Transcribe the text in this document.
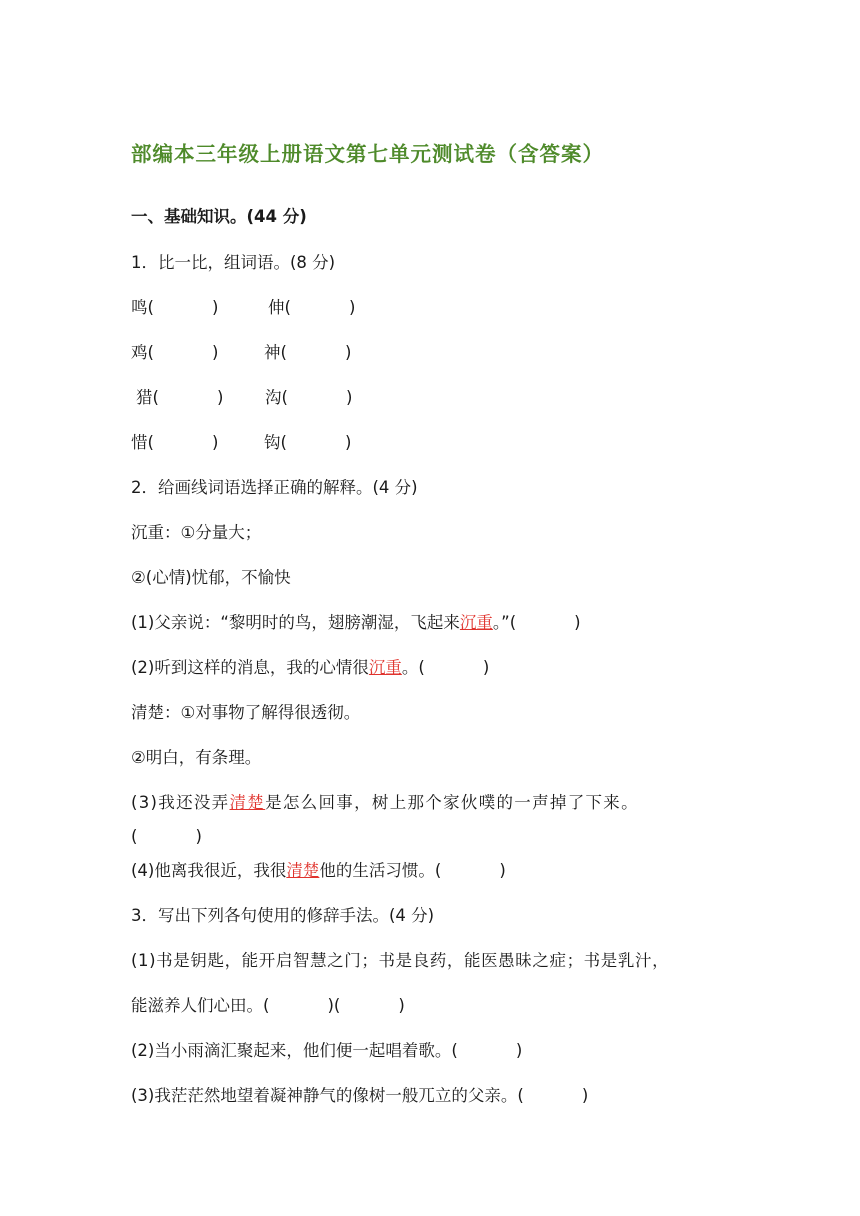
部编本三年级上册语文第七单元测试卷（含答案）
一、基础知识。(44 分)
1．比一比，组词语。(8 分)
鸣(	)	伸(	)
鸡(	)	神(	)
猎(	)	沟(	)
惜(	)	钩(	)
2．给画线词语选择正确的解释。(4 分)
沉重：①分量大；
②(心情)忧郁，不愉快
(1)父亲说：“黎明时的鸟，翅膀潮湿，飞起来沉重。”(	)
(2)听到这样的消息，我的心情很沉重。(	)
清楚：①对事物了解得很透彻。
②明白，有条理。
(3)我还没弄清楚是怎么回事，树上那个家伙噗的一声掉了下来。
(	)
(4)他离我很近，我很清楚他的生活习惯。(	)
3．写出下列各句使用的修辞手法。(4 分)
(1)书是钥匙，能开启智慧之门；书是良药，能医愚昧之症；书是乳汁，
能滋养人们心田。(	)(	)
(2)当小雨滴汇聚起来，他们便一起唱着歌。(	)
(3)我茫茫然地望着凝神静气的像树一般兀立的父亲。(	)
